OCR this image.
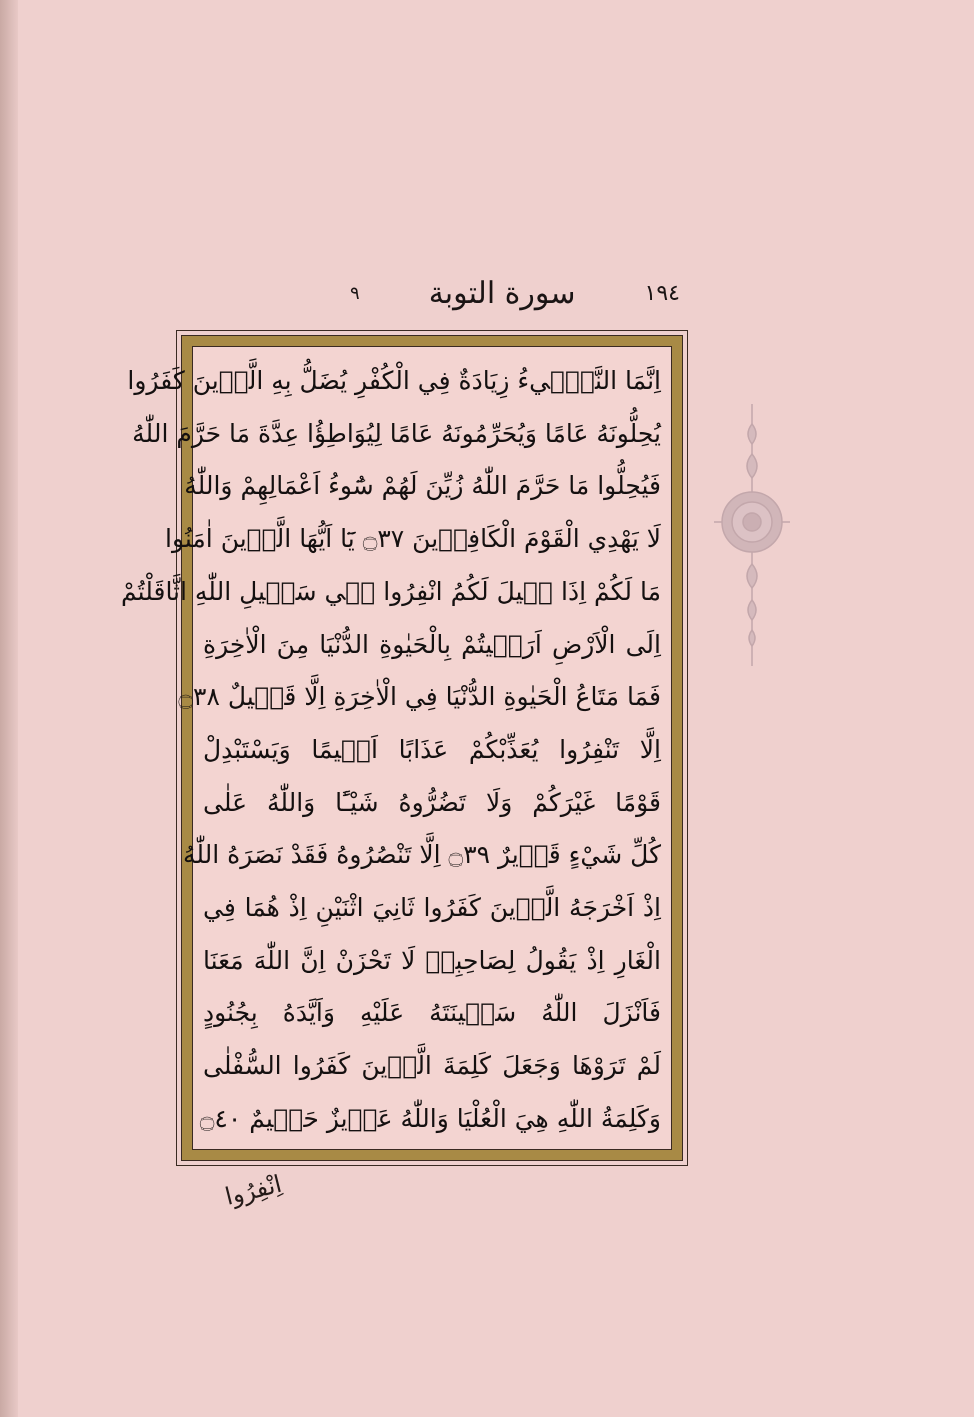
١٩٤
سورة التوبة
٩
اِنَّمَا النَّسٖٓيءُ زِيَادَةٌ فِي الْكُفْرِ يُضَلُّ بِهِ الَّذٖينَ كَفَرُوا
يُحِلُّونَهُ عَامًا وَيُحَرِّمُونَهُ عَامًا لِيُوَاطِؤُا عِدَّةَ مَا حَرَّمَ اللّٰهُ
فَيُحِلُّوا مَا حَرَّمَ اللّٰهُ زُيِّنَ لَهُمْ سُٓوءُ اَعْمَالِهِمْ وَاللّٰهُ
لَا يَهْدِي الْقَوْمَ الْكَافِرٖينَ ۝٣٧ يَٓا اَيُّهَا الَّذٖينَ اٰمَنُوا
مَا لَكُمْ اِذَا قٖيلَ لَكُمُ انْفِرُوا فٖي سَبٖيلِ اللّٰهِ اثَّاقَلْتُمْ
اِلَى الْاَرْضِ اَرَضٖيتُمْ بِالْحَيٰوةِ الدُّنْيَا مِنَ الْاٰخِرَةِ
فَمَا مَتَاعُ الْحَيٰوةِ الدُّنْيَا فِي الْاٰخِرَةِ اِلَّا قَلٖيلٌ ۝٣٨
اِلَّا تَنْفِرُوا يُعَذِّبْكُمْ عَذَابًا اَلٖيمًا وَيَسْتَبْدِلْ
قَوْمًا غَيْرَكُمْ وَلَا تَضُرُّوهُ شَيْـًٔا وَاللّٰهُ عَلٰى
كُلِّ شَيْءٍ قَدٖيرٌ ۝٣٩ اِلَّا تَنْصُرُوهُ فَقَدْ نَصَرَهُ اللّٰهُ
اِذْ اَخْرَجَهُ الَّذٖينَ كَفَرُوا ثَانِيَ اثْنَيْنِ اِذْ هُمَا فِي
الْغَارِ اِذْ يَقُولُ لِصَاحِبِهٖ لَا تَحْزَنْ اِنَّ اللّٰهَ مَعَنَا
فَاَنْزَلَ اللّٰهُ سَكٖينَتَهُ عَلَيْهِ وَاَيَّدَهُ بِجُنُودٍ
لَمْ تَرَوْهَا وَجَعَلَ كَلِمَةَ الَّذٖينَ كَفَرُوا السُّفْلٰى
وَكَلِمَةُ اللّٰهِ هِيَ الْعُلْيَا وَاللّٰهُ عَزٖيزٌ حَكٖيمٌ ۝٤٠
اِنْفِرُوا
